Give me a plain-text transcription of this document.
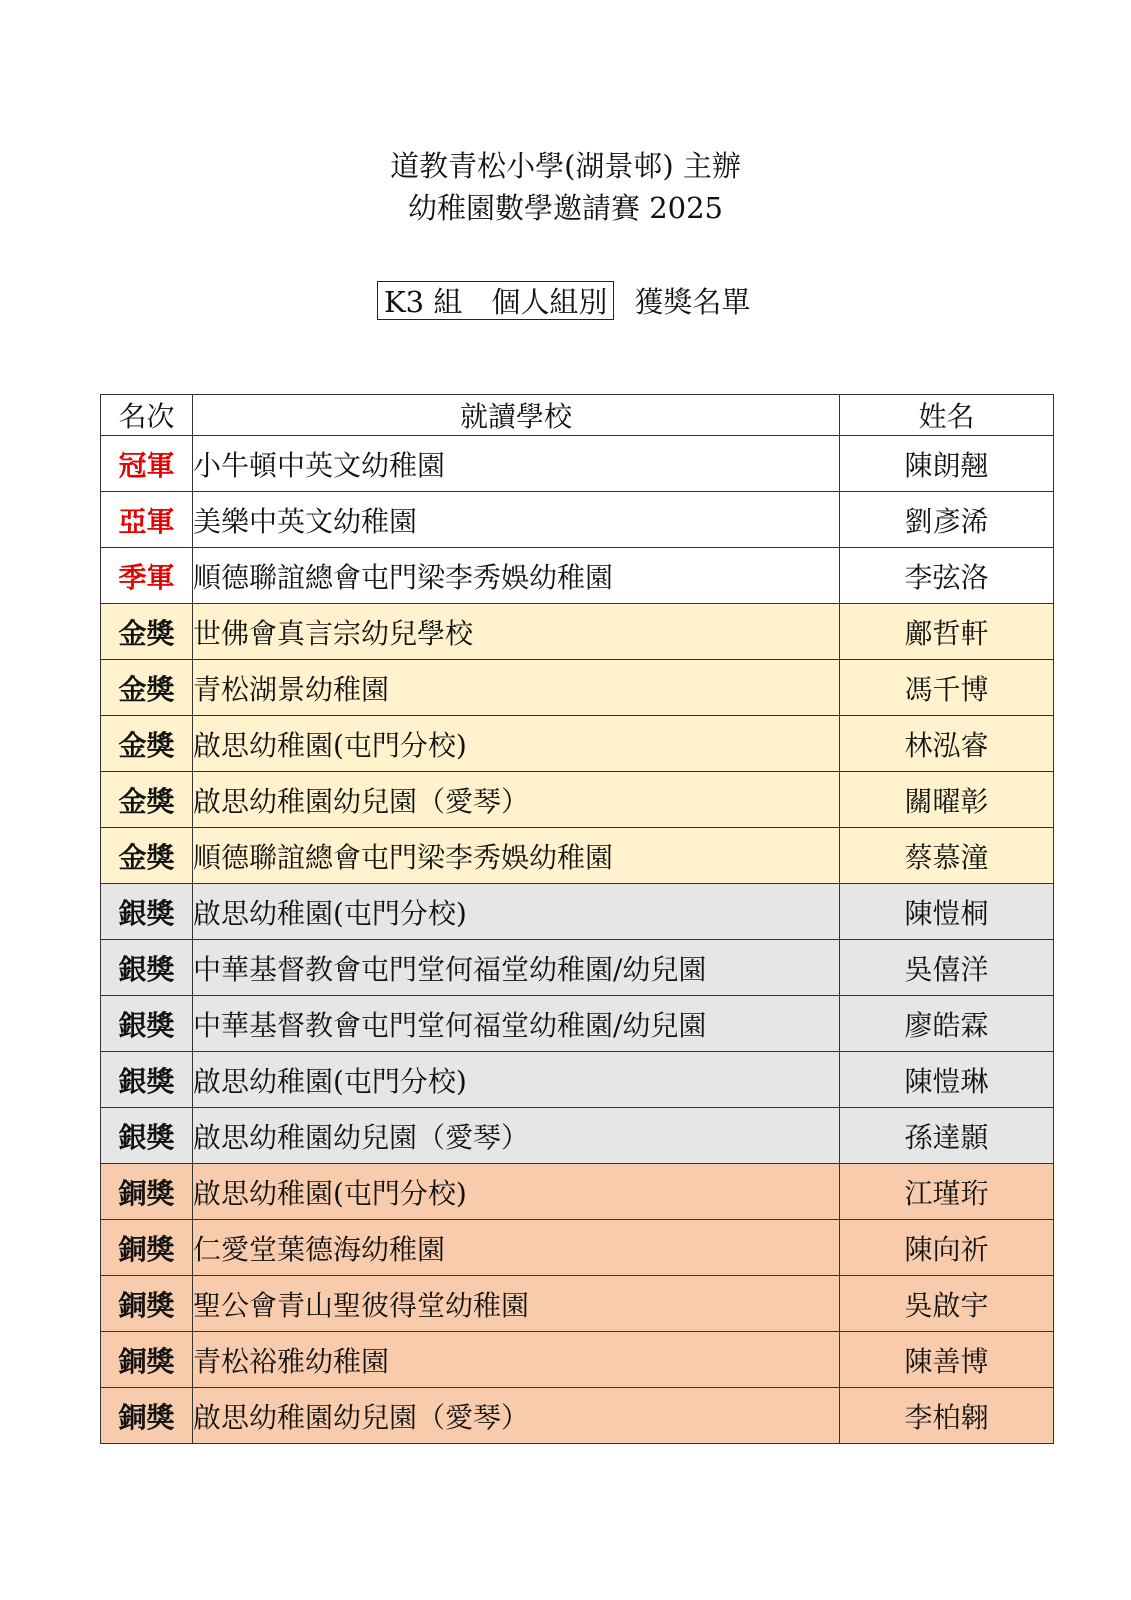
道教青松小學(湖景邨) 主辦
幼稚園數學邀請賽 2025
K3 組　個人組別 獲獎名單
名次	就讀學校	姓名
冠軍	小牛頓中英文幼稚園	陳朗翹
亞軍	美樂中英文幼稚園	劉彥浠
季軍	順德聯誼總會屯門梁李秀娛幼稚園	李弦洛
金獎	世佛會真言宗幼兒學校	鄺哲軒
金獎	青松湖景幼稚園	馮千博
金獎	啟思幼稚園(屯門分校)	林泓睿
金獎	啟思幼稚園幼兒園（愛琴）	關曜彰
金獎	順德聯誼總會屯門梁李秀娛幼稚園	蔡慕潼
銀獎	啟思幼稚園(屯門分校)	陳愷桐
銀獎	中華基督教會屯門堂何福堂幼稚園/幼兒園	吳僖洋
銀獎	中華基督教會屯門堂何福堂幼稚園/幼兒園	廖皓霖
銀獎	啟思幼稚園(屯門分校)	陳愷琳
銀獎	啟思幼稚園幼兒園（愛琴）	孫達顥
銅獎	啟思幼稚園(屯門分校)	江瑾珩
銅獎	仁愛堂葉德海幼稚園	陳向祈
銅獎	聖公會青山聖彼得堂幼稚園	吳啟宇
銅獎	青松裕雅幼稚園	陳善博
銅獎	啟思幼稚園幼兒園（愛琴）	李柏翱
